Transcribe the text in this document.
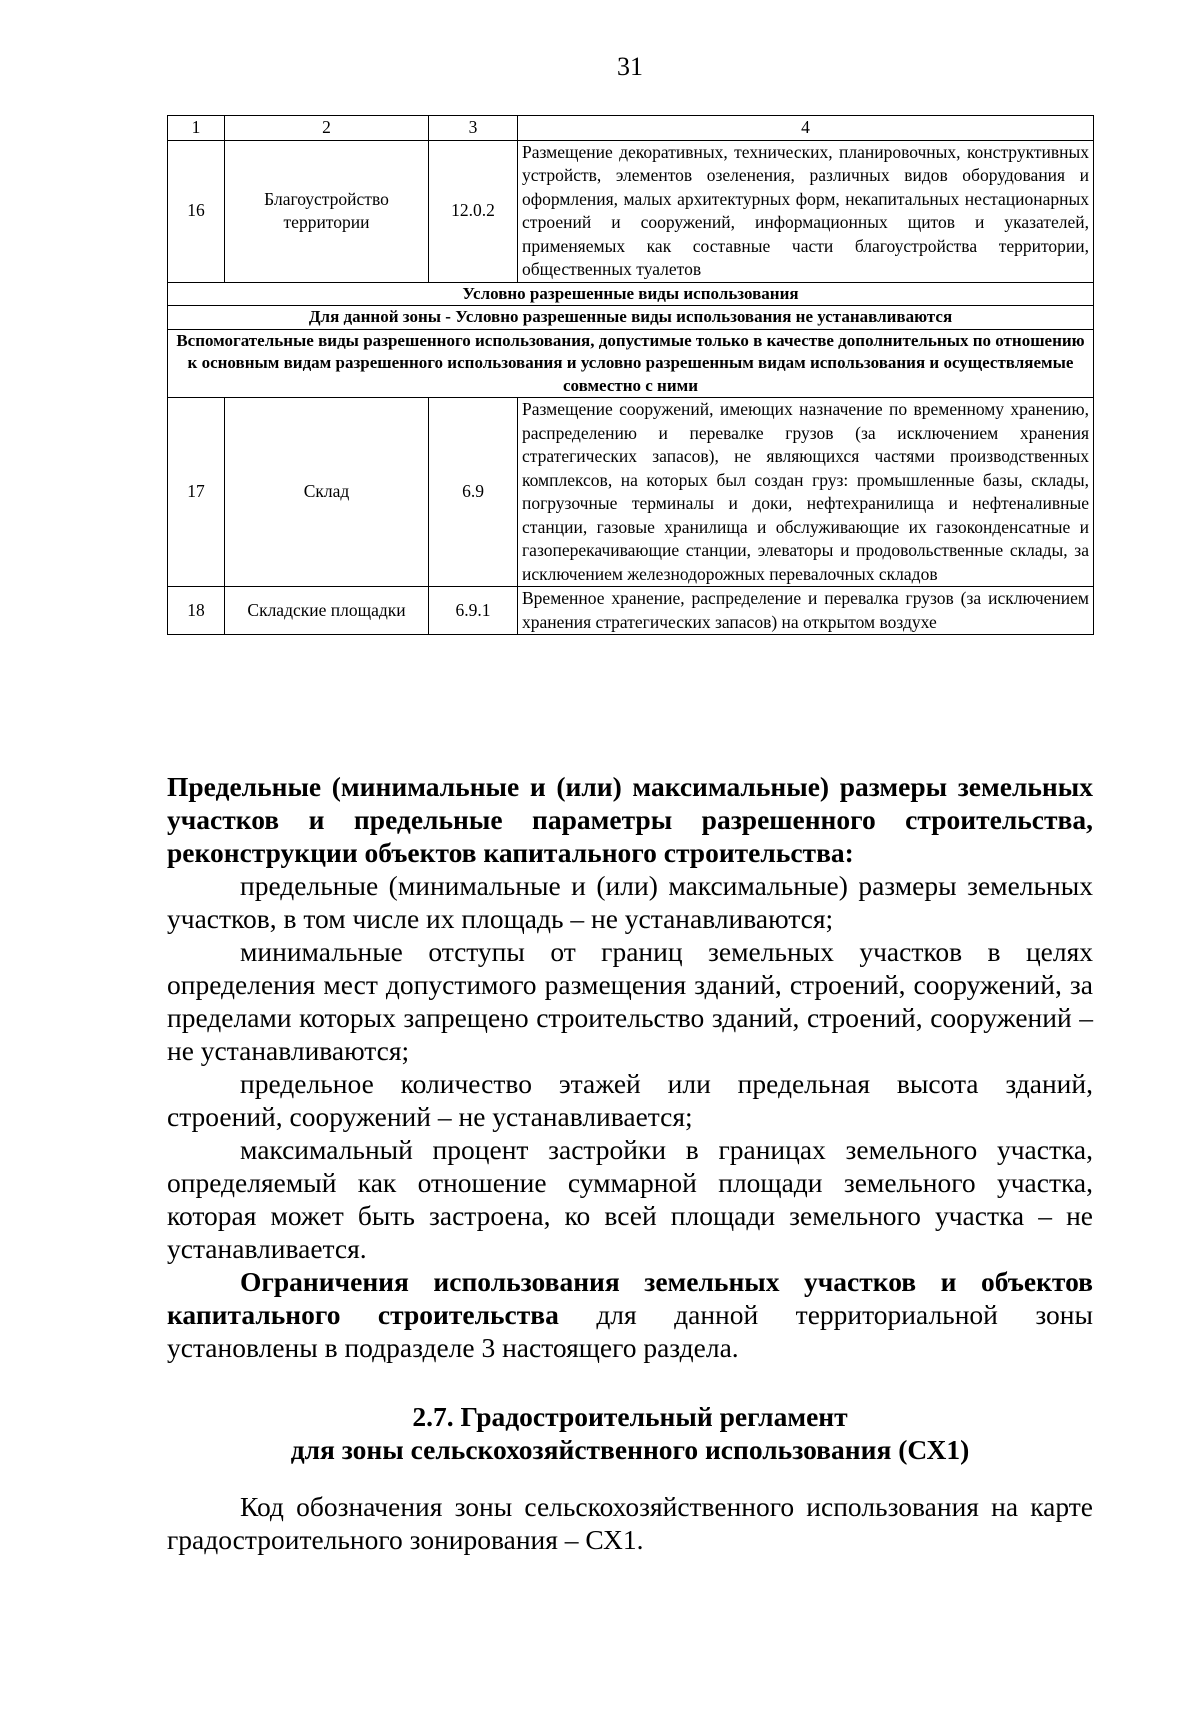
31
1	2	3	4
16	Благоустройство территории	12.0.2	Размещение декоративных, технических, планировочных, конструктивных устройств, элементов озеленения, различных видов оборудования и оформления, малых архитектурных форм, некапитальных нестационарных строений и сооружений, информационных щитов и указателей, применяемых как составные части благоустройства территории, общественных туалетов
Условно разрешенные виды использования			
Для данной зоны - Условно разрешенные виды использования не устанавливаются			
Вспомогательные виды разрешенного использования, допустимые только в качестве дополнительных по отношению к основным видам разрешенного использования и условно разрешенным видам использования и осуществляемые совместно с ними			
17	Склад	6.9	Размещение сооружений, имеющих назначение по временному хранению, распределению и перевалке грузов (за исключением хранения стратегических запасов), не являющихся частями производственных комплексов, на которых был создан груз: промышленные базы, склады, погрузочные терминалы и доки, нефтехранилища и нефтеналивные станции, газовые хранилища и обслуживающие их газоконденсатные и газоперекачивающие станции, элеваторы и продовольственные склады, за исключением железнодорожных перевалочных складов
18	Складские площадки	6.9.1	Временное хранение, распределение и перевалка грузов (за исключением хранения стратегических запасов) на открытом воздухе

Предельные (минимальные и (или) максимальные) размеры земельных участков и предельные параметры разрешенного строительства, реконструкции объектов капитального строительства:

предельные (минимальные и (или) максимальные) размеры земельных участков, в том числе их площадь – не устанавливаются;

минимальные отступы от границ земельных участков в целях определения мест допустимого размещения зданий, строений, сооружений, за пределами которых запрещено строительство зданий, строений, сооружений – не устанавливаются;

предельное количество этажей или предельная высота зданий, строений, сооружений – не устанавливается;

максимальный процент застройки в границах земельного участка, определяемый как отношение суммарной площади земельного участка, которая может быть застроена, ко всей площади земельного участка – не устанавливается.

Ограничения использования земельных участков и объектов капитального строительства для данной территориальной зоны установлены в подразделе 3 настоящего раздела.

2.7. Градостроительный регламент
для зоны сельскохозяйственного использования (СХ1)

Код обозначения зоны сельскохозяйственного использования на карте градостроительного зонирования – СХ1.
